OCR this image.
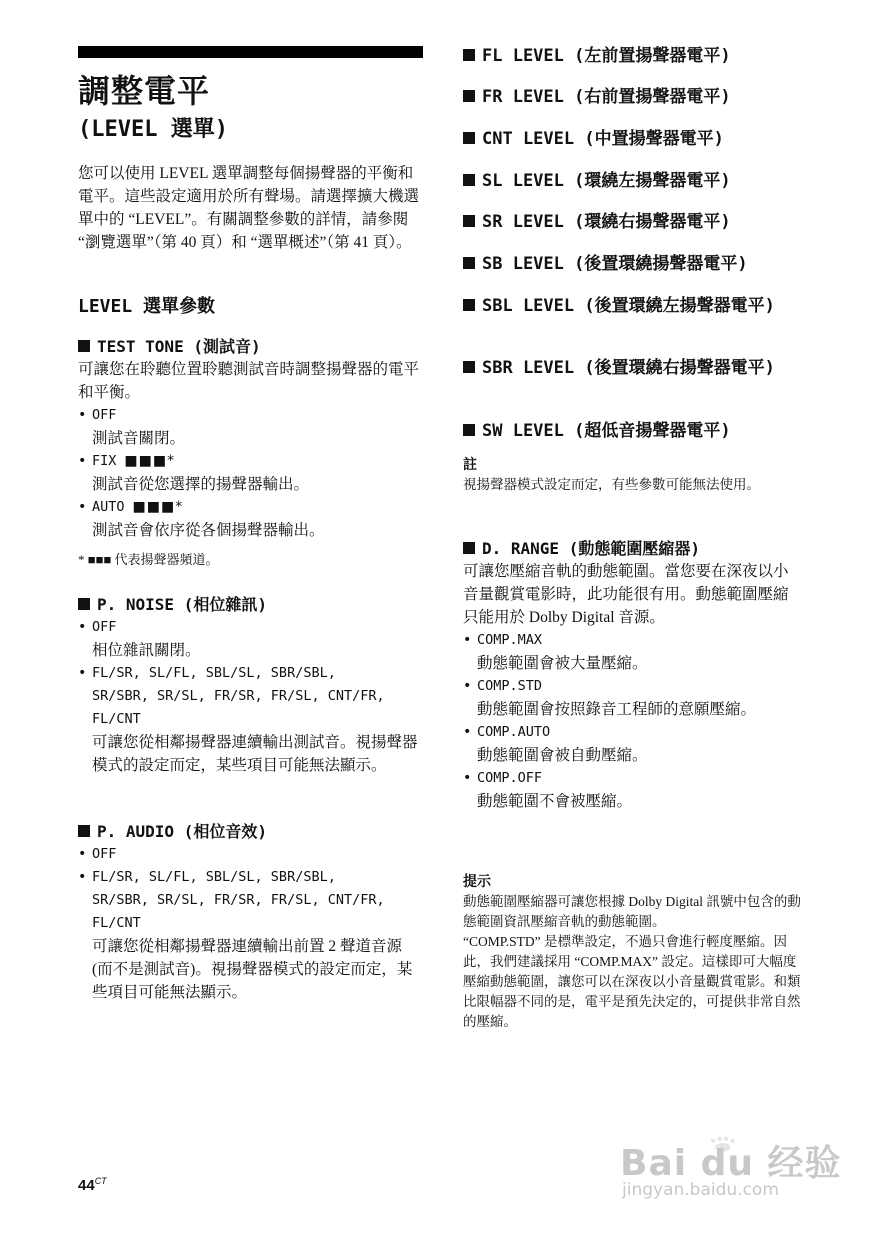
調整電平
(LEVEL 選單)

您可以使用 LEVEL 選單調整每個揚聲器的平衡和電平。這些設定適用於所有聲場。請選擇擴大機選單中的 “LEVEL”。有關調整參數的詳情，請參閱 “瀏覽選單”（第 40 頁）和 “選單概述”（第 41 頁）。

LEVEL 選單參數

TEST TONE (測試音)

可讓您在聆聽位置聆聽測試音時調整揚聲器的電平和平衡。

• OFF

測試音關閉。

• FIX ■■■*

測試音從您選擇的揚聲器輸出。

• AUTO ■■■*

測試音會依序從各個揚聲器輸出。

* ■■■ 代表揚聲器頻道。

P. NOISE (相位雜訊)

• OFF

相位雜訊關閉。

• FL/SR, SL/FL, SBL/SL, SBR/SBL, SR/SBR, SR/SL, FR/SR, FR/SL, CNT/FR, FL/CNT

可讓您從相鄰揚聲器連續輸出測試音。視揚聲器模式的設定而定，某些項目可能無法顯示。

P. AUDIO (相位音效)

• OFF

• FL/SR, SL/FL, SBL/SL, SBR/SBL, SR/SBR, SR/SL, FR/SR, FR/SL, CNT/FR, FL/CNT

可讓您從相鄰揚聲器連續輸出前置 2 聲道音源 (而不是測試音)。視揚聲器模式的設定而定，某些項目可能無法顯示。

FL LEVEL (左前置揚聲器電平)

FR LEVEL (右前置揚聲器電平)

CNT LEVEL (中置揚聲器電平)

SL LEVEL (環繞左揚聲器電平)

SR LEVEL (環繞右揚聲器電平)

SB LEVEL (後置環繞揚聲器電平)

SBL LEVEL (後置環繞左揚聲器電平)

SBR LEVEL (後置環繞右揚聲器電平)

SW LEVEL (超低音揚聲器電平)

註

視揚聲器模式設定而定，有些參數可能無法使用。

D. RANGE (動態範圍壓縮器)

可讓您壓縮音軌的動態範圍。當您要在深夜以小音量觀賞電影時，此功能很有用。動態範圍壓縮只能用於 Dolby Digital 音源。

• COMP.MAX

動態範圍會被大量壓縮。

• COMP.STD

動態範圍會按照錄音工程師的意願壓縮。

• COMP.AUTO

動態範圍會被自動壓縮。

• COMP.OFF

動態範圍不會被壓縮。

提示

動態範圍壓縮器可讓您根據 Dolby Digital 訊號中包含的動態範圍資訊壓縮音軌的動態範圍。

“COMP.STD” 是標準設定，不過只會進行輕度壓縮。因此，我們建議採用 “COMP.MAX” 設定。這樣即可大幅度壓縮動態範圍，讓您可以在深夜以小音量觀賞電影。和類比限幅器不同的是，電平是預先決定的，可提供非常自然的壓縮。

$44^{CT}$	Bai du 经验

jingyan.baidu.com
